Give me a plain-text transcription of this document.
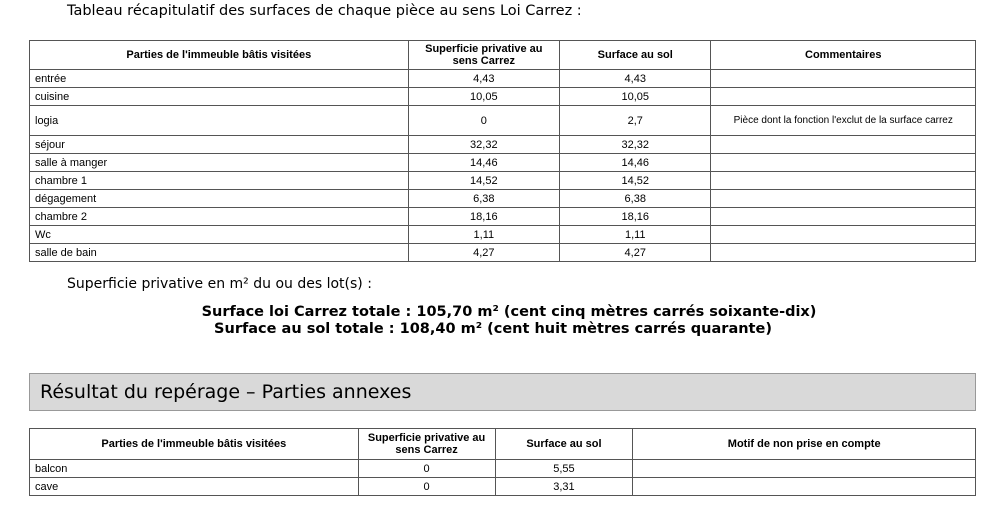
Tableau récapitulatif des surfaces de chaque pièce au sens Loi Carrez :
Parties de l'immeuble bâtis visitées	Superficie privative au sens Carrez	Surface au sol	Commentaires
entrée	4,43	4,43	
cuisine	10,05	10,05	
logia	0	2,7	Pièce dont la fonction l'exclut de la surface carrez
séjour	32,32	32,32	
salle à manger	14,46	14,46	
chambre 1	14,52	14,52	
dégagement	6,38	6,38	
chambre 2	18,16	18,16	
Wc	1,11	1,11	
salle de bain	4,27	4,27	
Superficie privative en m² du ou des lot(s) :
Surface loi Carrez totale : 105,70 m² (cent cinq mètres carrés soixante-dix)
Surface au sol totale : 108,40 m² (cent huit mètres carrés quarante)
Résultat du repérage – Parties annexes
Parties de l'immeuble bâtis visitées	Superficie privative au sens Carrez	Surface au sol	Motif de non prise en compte
balcon	0	5,55	
cave	0	3,31	
